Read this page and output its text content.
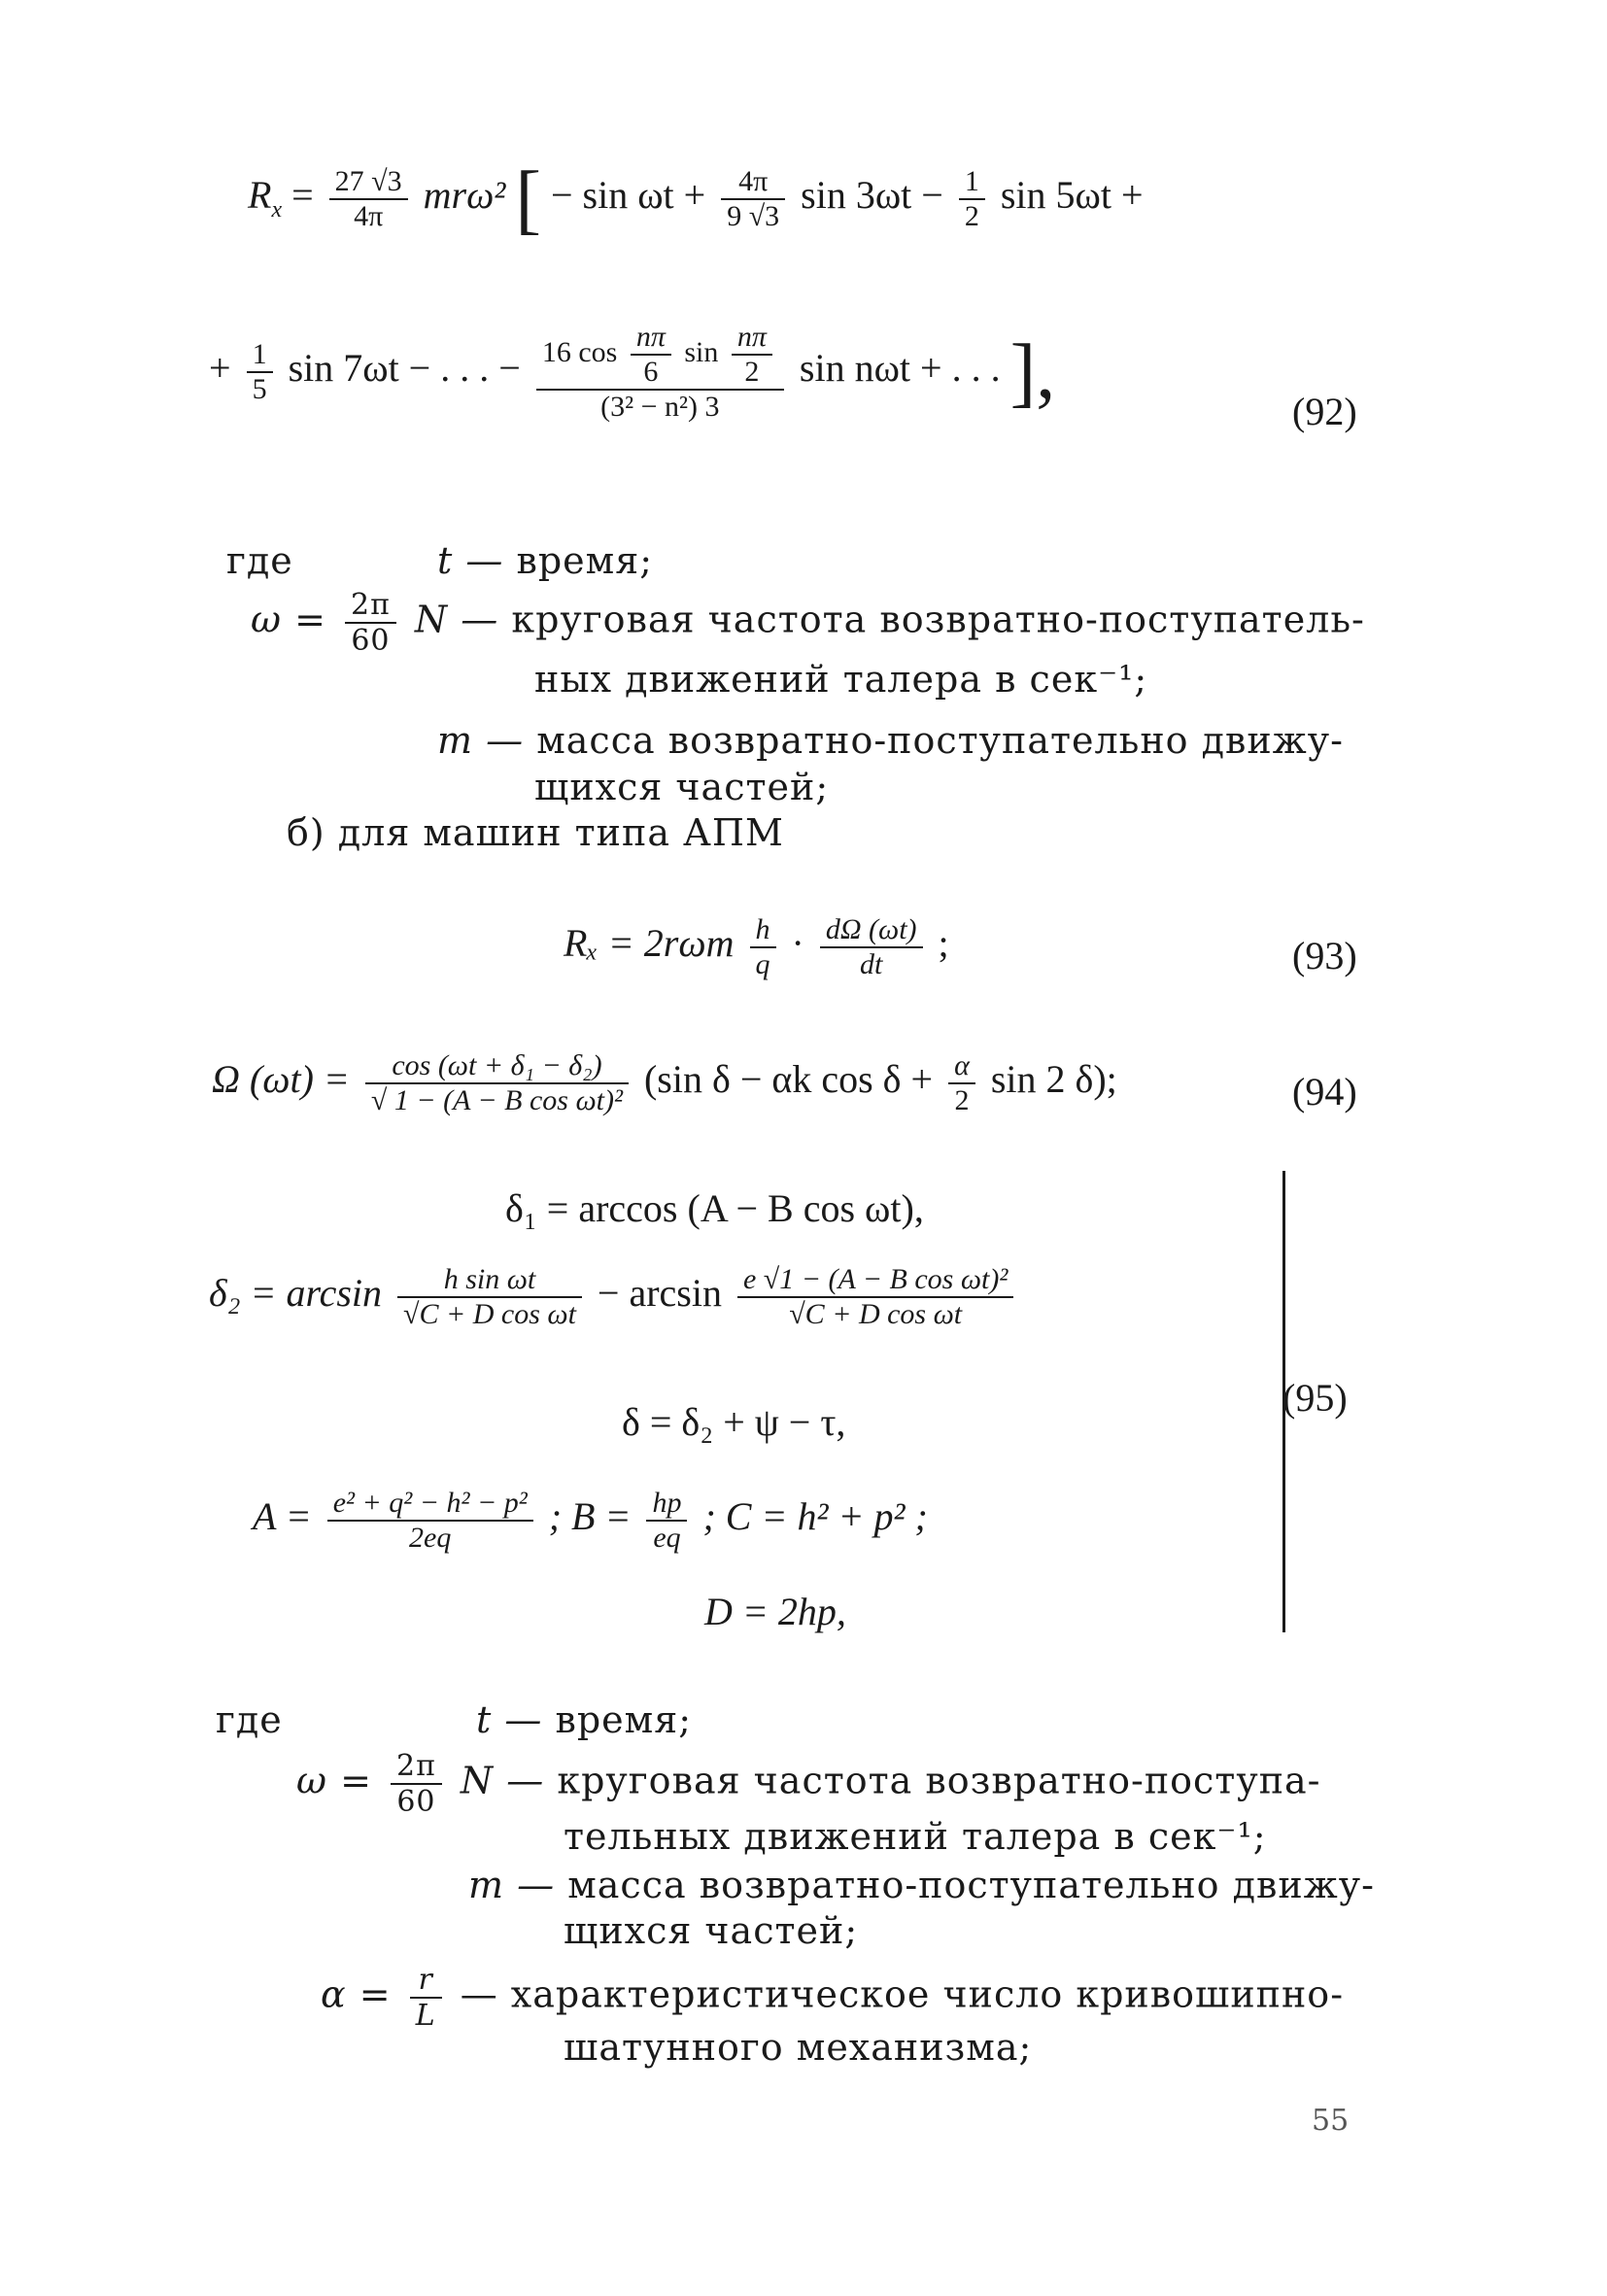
$R_x = \frac{27 √3}{4\pi} mr\omega^2$ [ − $\sin \omega t + \frac{4\pi}{9 √3}$ $\sin 3\omega t - \frac{1}{2}$ sin 5ωt +
+ $\frac{1}{5}$ sin 7ωt − . . . − 16 $\cos \frac{n\pi}{6}$ $\sin \frac{n\pi}{2}$
(3² − n²) 3
sin nωt + . . . ],	(92)
где	t — время;
$\omega = \frac{2\pi}{60}$ N — круговая частота возвратно-поступатель-
ных движений талера в сек⁻¹;
m — масса возвратно-поступательно движу-
щихся частей;
б) для машин типа АПМ
$R_x = 2r\omega m \frac{h}{q} \cdot \frac{d\Omega (\omega t)}{dt}$ ;	(93)
Ω $(\omega t) = \frac{\text{cos (ωt + δ₁ − δ₂)}}{\text{√ 1 − (A − B cos ωt)²}} (\sin$ δ − αk $\cos \delta + \frac{\alpha}{2}$ sin 2 δ);	(94)
δ₁ = arccos (A − B cos ωt),
$\delta_2 = \arcsin \frac{\text{h sin ωt}}{\text{√C + D cos ωt}} - \arcsin \frac{\text{e √1 − (A − B cos ωt)²}}{\text{√C + D cos ωt}}$
δ = δ₂ + ψ − τ,
$A = \frac{\text{e² + q² − h² − p²}}{2eq}$ ; $B = \frac{hp}{eq}$ ; C = h² + p² ;
D = 2hp,
(95)
где	t — время;
$\omega = \frac{2\pi}{60}$ N — круговая частота возвратно-поступа-
тельных движений талера в сек⁻¹;
m — масса возвратно-поступательно движу-
щихся частей;
$\alpha = \frac{r}{L}$ — характеристическое число кривошипно-
шатунного механизма;
55
